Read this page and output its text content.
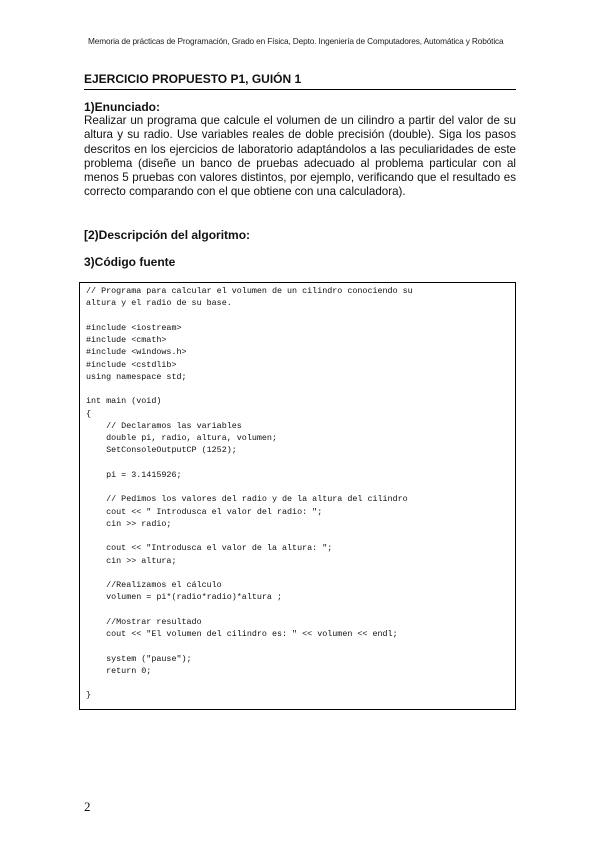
Memoria de prácticas de Programación, Grado en Física, Depto. Ingeniería de Computadores, Automática y Robótica
EJERCICIO PROPUESTO P1, GUIÓN 1
1)Enunciado:
Realizar un programa que calcule el volumen de un cilindro a partir del valor de su altura y su radio. Use variables reales de doble precisión (double). Siga los pasos descritos en los ejercicios de laboratorio adaptándolos a las peculiaridades de este problema (diseñe un banco de pruebas adecuado al problema particular con al menos 5 pruebas con valores distintos, por ejemplo, verificando que el resultado es correcto comparando con el que obtiene con una calculadora).
[2)Descripción del algoritmo:
3)Código fuente
// Programa para calcular el volumen de un cilindro conociendo su
altura y el radio de su base.
#include <iostream>
#include <cmath>
#include <windows.h>
#include <cstdlib>
using namespace std;
int main (void)
{
// Declaramos las variables
double pi, radio, altura, volumen;
SetConsoleOutputCP (1252);
pi = 3.1415926;
// Pedimos los valores del radio y de la altura del cilindro
cout << " Introdusca el valor del radio: ";
cin >> radio;
cout << "Introdusca el valor de la altura: ";
cin >> altura;
//Realizamos el cálculo
volumen = pi*(radio*radio)*altura ;
//Mostrar resultado
cout << "El volumen del cilindro es: " << volumen << endl;
system ("pause");
return 0;
}
2
